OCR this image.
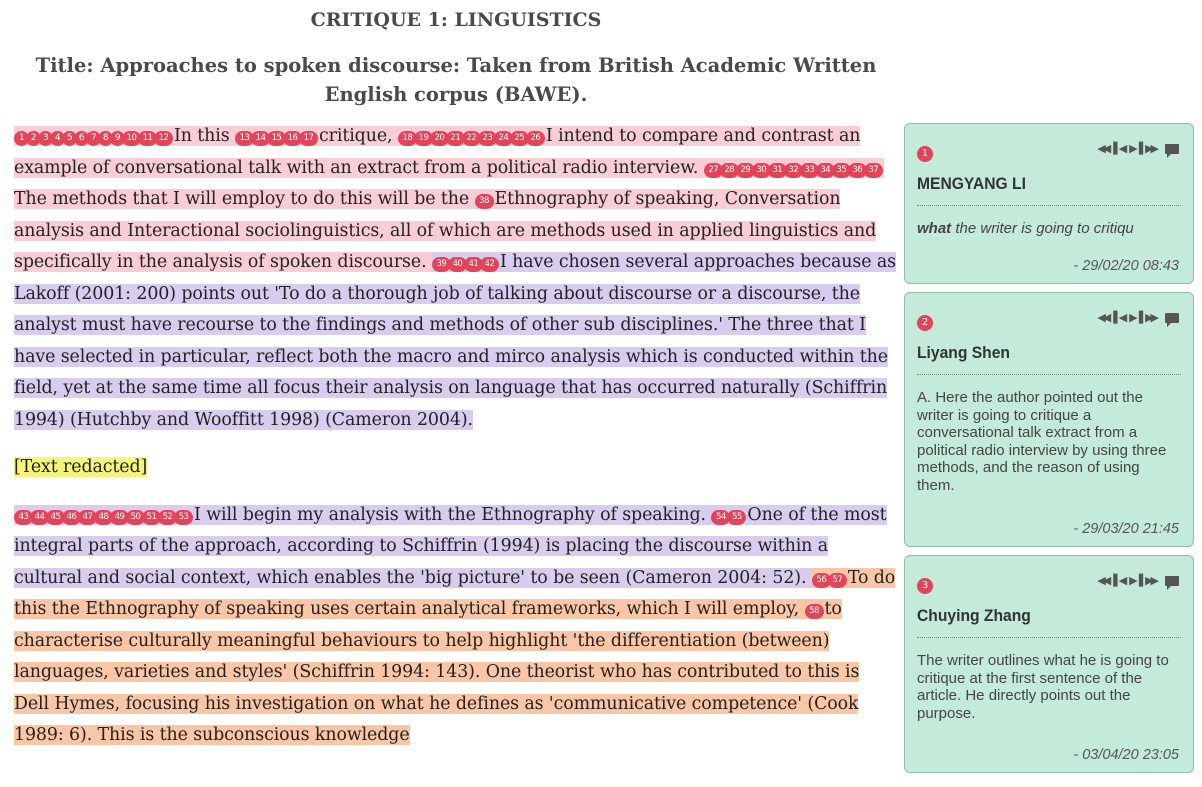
CRITIQUE 1: LINGUISTICS
Title: Approaches to spoken discourse: Taken from British Academic Written English corpus (BAWE).

1 2 3 4 5 6 7 8 9 10 11 12 In this 13 14 15 16 17 critique, 18 19 20 21 22 23 24 25 26 I intend to compare and contrast an example of conversational talk with an extract from a political radio interview. 27 28 29 30 31 32 33 34 35 36 37The methods that I will employ to do this will be the 38 Ethnography of speaking, Conversation analysis and Interactional sociolinguistics, all of which are methods used in applied linguistics and specifically in the analysis of spoken discourse. 39 40 41 42 I have chosen several approaches because as Lakoff (2001: 200) points out 'To do a thorough job of talking about discourse or a discourse, the analyst must have recourse to the findings and methods of other sub disciplines.' The three that I have selected in particular, reflect both the macro and mirco analysis which is conducted within the field, yet at the same time all focus their analysis on language that has occurred naturally (Schiffrin 1994) (Hutchby and Wooffitt 1998) (Cameron 2004).

[Text redacted]

43 44 45 46 47 48 49 50 51 52 53 I will begin my analysis with the Ethnography of speaking. 54 55 One of the most integral parts of the approach, according to Schiffrin (1994) is placing the discourse within a cultural and social context, which enables the 'big picture' to be seen (Cameron 2004: 52). 56 57 To do this the Ethnography of speaking uses certain analytical frameworks, which I will employ, 58 to characterise culturally meaningful behaviours to help highlight 'the differentiation (between) languages, varieties and styles' (Schiffrin 1994: 143). One theorist who has contributed to this is Dell Hymes, focusing his investigation on what he defines as 'communicative competence' (Cook 1989: 6). This is the subconscious knowledge

1	◀◀ ▌◀ ▶▐ ▶▶
MENGYANG LI
what the writer is going to critiqu
- 29/02/20 08:43
2	◀◀ ▌◀ ▶▐ ▶▶
Liyang Shen
A. Here the author pointed out the writer is going to critique a conversational talk extract from a political radio interview by using three methods, and the reason of using them.
- 29/03/20 21:45
3	◀◀ ▌◀ ▶▐ ▶▶
Chuying Zhang
The writer outlines what he is going to critique at the first sentence of the article. He directly points out the purpose.
- 03/04/20 23:05
